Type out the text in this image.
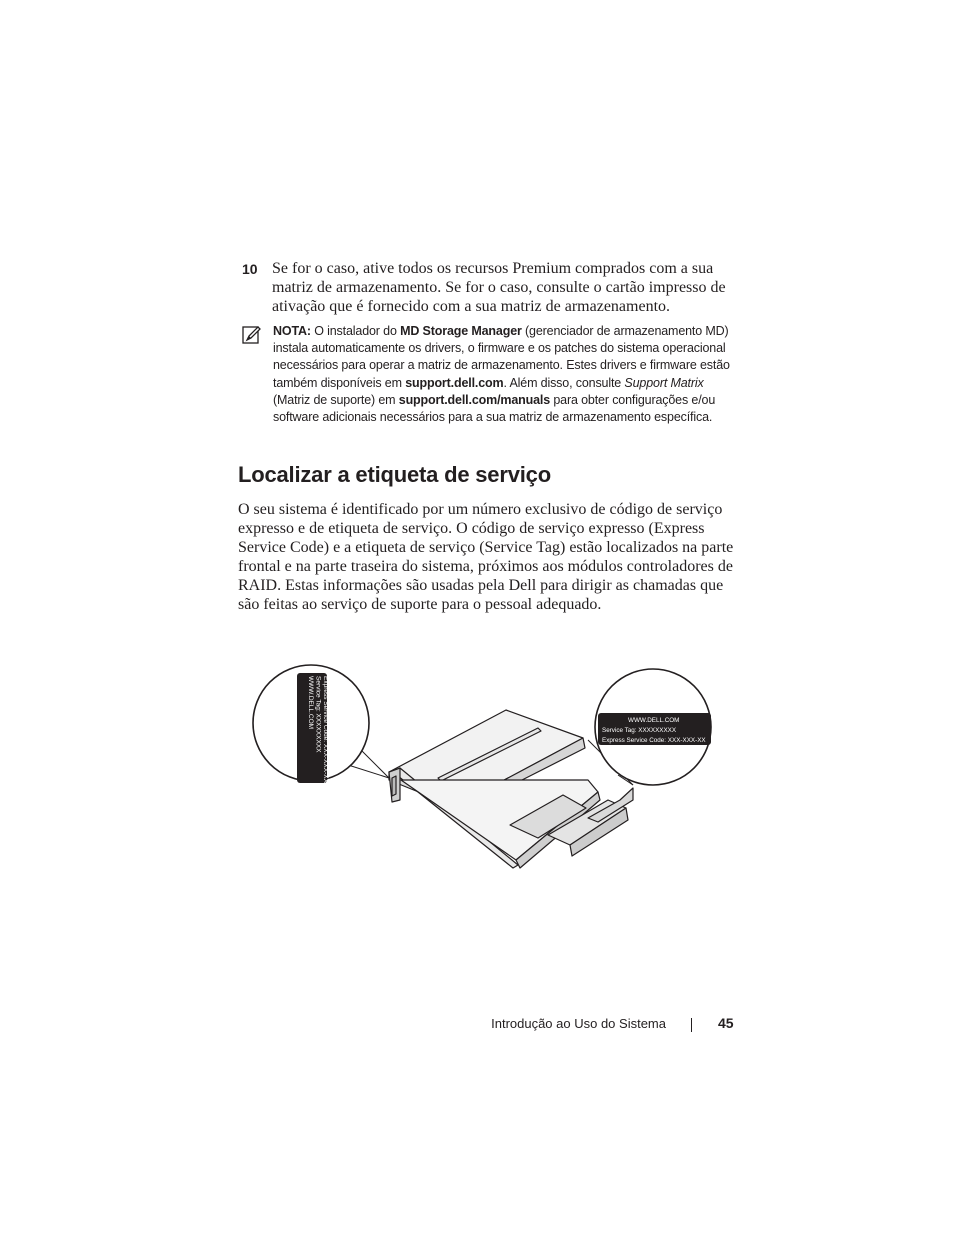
10 Se for o caso, ative todos os recursos Premium comprados com a sua matriz de armazenamento. Se for o caso, consulte o cartão impresso de ativação que é fornecido com a sua matriz de armazenamento.
NOTA: O instalador do MD Storage Manager (gerenciador de armazenamento MD) instala automaticamente os drivers, o firmware e os patches do sistema operacional necessários para operar a matriz de armazenamento. Estes drivers e firmware estão também disponíveis em support.dell.com. Além disso, consulte Support Matrix (Matriz de suporte) em support.dell.com/manuals para obter configurações e/ou software adicionais necessários para a sua matriz de armazenamento específica.
Localizar a etiqueta de serviço

O seu sistema é identificado por um número exclusivo de código de serviço expresso e de etiqueta de serviço. O código de serviço expresso (Express Service Code) e a etiqueta de serviço (Service Tag) estão localizados na parte frontal e na parte traseira do sistema, próximos aos módulos controladores de RAID. Estas informações são usadas pela Dell para dirigir as chamadas que são feitas ao serviço de suporte para o pessoal adequado.

WWW.DELL.COM Service Tag: XXXXXXXXX Express Service Code: XXX-XXX-XX	WWW.DELL.COM
Service Tag: XXXXXXXXX
Express Service Code: XXX-XXX-XX
Introdução ao Uso do Sistema	45
